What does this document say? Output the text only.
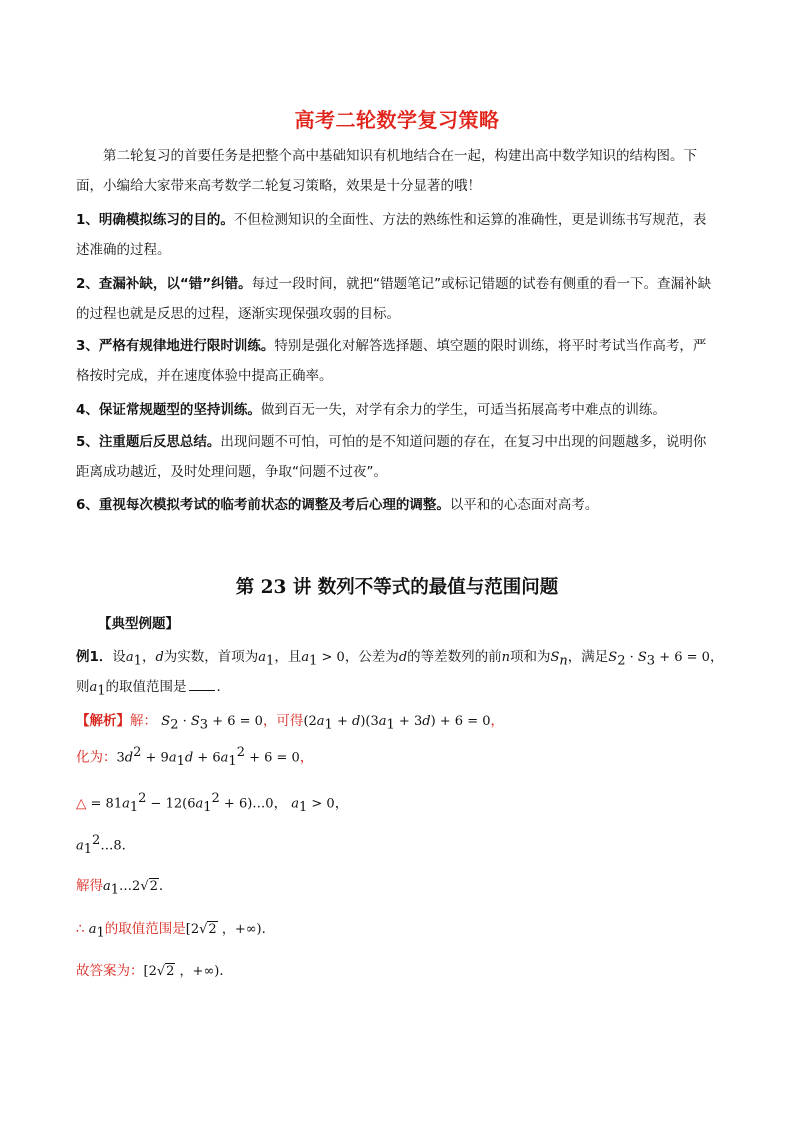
高考二轮数学复习策略
第二轮复习的首要任务是把整个高中基础知识有机地结合在一起，构建出高中数学知识的结构图。下
面，小编给大家带来高考数学二轮复习策略，效果是十分显著的哦！
1、明确模拟练习的目的。不但检测知识的全面性、方法的熟练性和运算的准确性，更是训练书写规范，表
述准确的过程。
2、查漏补缺，以“错”纠错。每过一段时间，就把“错题笔记”或标记错题的试卷有侧重的看一下。查漏补缺
的过程也就是反思的过程，逐渐实现保强攻弱的目标。
3、严格有规律地进行限时训练。特别是强化对解答选择题、填空题的限时训练，将平时考试当作高考，严
格按时完成，并在速度体验中提高正确率。
4、保证常规题型的坚持训练。做到百无一失，对学有余力的学生，可适当拓展高考中难点的训练。
5、注重题后反思总结。出现问题不可怕，可怕的是不知道问题的存在，在复习中出现的问题越多，说明你
距离成功越近，及时处理问题，争取“问题不过夜”。
6、重视每次模拟考试的临考前状态的调整及考后心理的调整。以平和的心态面对高考。
第 23 讲 数列不等式的最值与范围问题
【典型例题】
例1．设$a_1$，d为实数，首项为$a_1$，且$a_1 > 0$，公差为d的等差数列的前n项和为$S_n$，满足$S_2 \cdot S_3 + 6 = 0$，
则$a_1$的取值范围是 ．
【解析】解： $S_2 \cdot S_3 + 6 = 0$，可得$(2a_1 + d)(3a_1 + 3d) + 6 = 0$，
化为：$3d^2 + 9a_1d + 6a_1^2 + 6 = 0$，
△ = $81a_1^2 - 12(6a_1^2$ + 6)…0， $a_1 > 0$，
$a_1^2\dots 8$．
解得$a_1\dots 2√2$．
∴ $a_1$的取值范围是[2√2 ，+∞)．
故答案为：[2√2 ，+∞)．
